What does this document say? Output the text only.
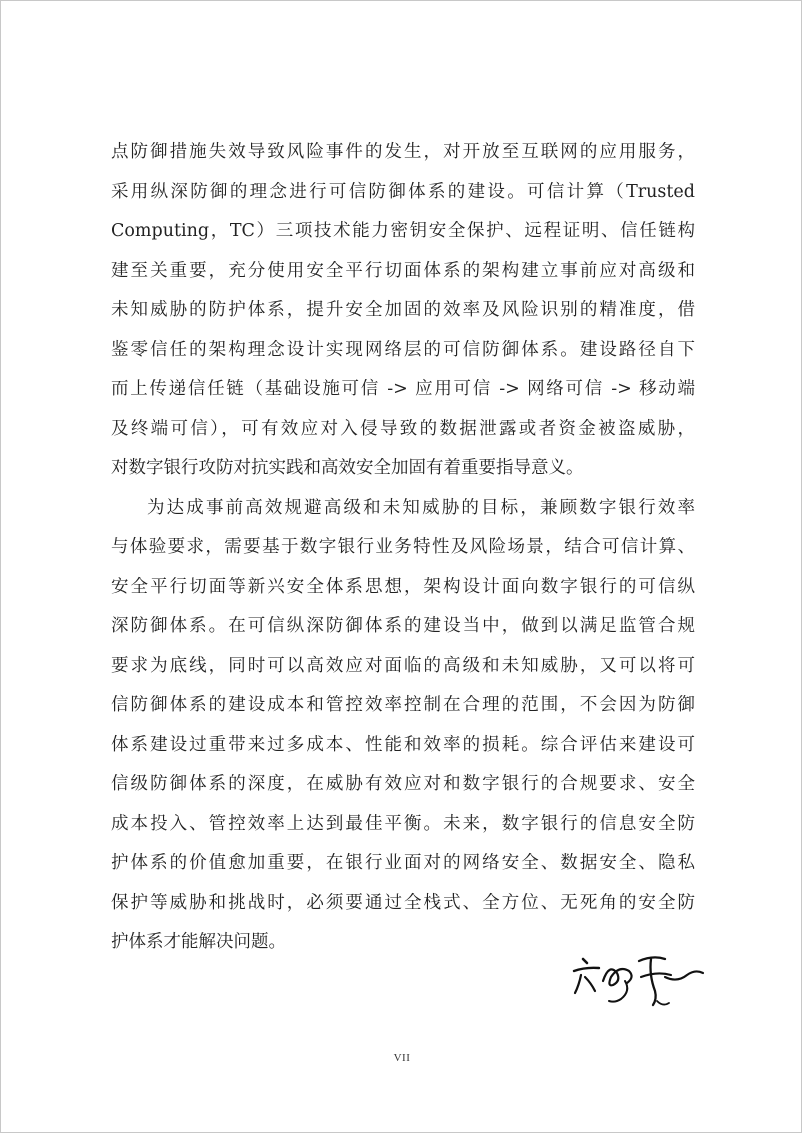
点防御措施失效导致风险事件的发生，对开放至互联网的应用服务，
采用纵深防御的理念进行可信防御体系的建设。可信计算（Trusted
Computing，TC）三项技术能力密钥安全保护、远程证明、信任链构
建至关重要，充分使用安全平行切面体系的架构建立事前应对高级和
未知威胁的防护体系，提升安全加固的效率及风险识别的精准度，借
鉴零信任的架构理念设计实现网络层的可信防御体系。建设路径自下
而上传递信任链（基础设施可信 -> 应用可信 -> 网络可信 -> 移动端
及终端可信），可有效应对入侵导致的数据泄露或者资金被盗威胁，
对数字银行攻防对抗实践和高效安全加固有着重要指导意义。
为达成事前高效规避高级和未知威胁的目标，兼顾数字银行效率
与体验要求，需要基于数字银行业务特性及风险场景，结合可信计算、
安全平行切面等新兴安全体系思想，架构设计面向数字银行的可信纵
深防御体系。在可信纵深防御体系的建设当中，做到以满足监管合规
要求为底线，同时可以高效应对面临的高级和未知威胁，又可以将可
信防御体系的建设成本和管控效率控制在合理的范围，不会因为防御
体系建设过重带来过多成本、性能和效率的损耗。综合评估来建设可
信级防御体系的深度，在威胁有效应对和数字银行的合规要求、安全
成本投入、管控效率上达到最佳平衡。未来，数字银行的信息安全防
护体系的价值愈加重要，在银行业面对的网络安全、数据安全、隐私
保护等威胁和挑战时，必须要通过全栈式、全方位、无死角的安全防
护体系才能解决问题。
VII
